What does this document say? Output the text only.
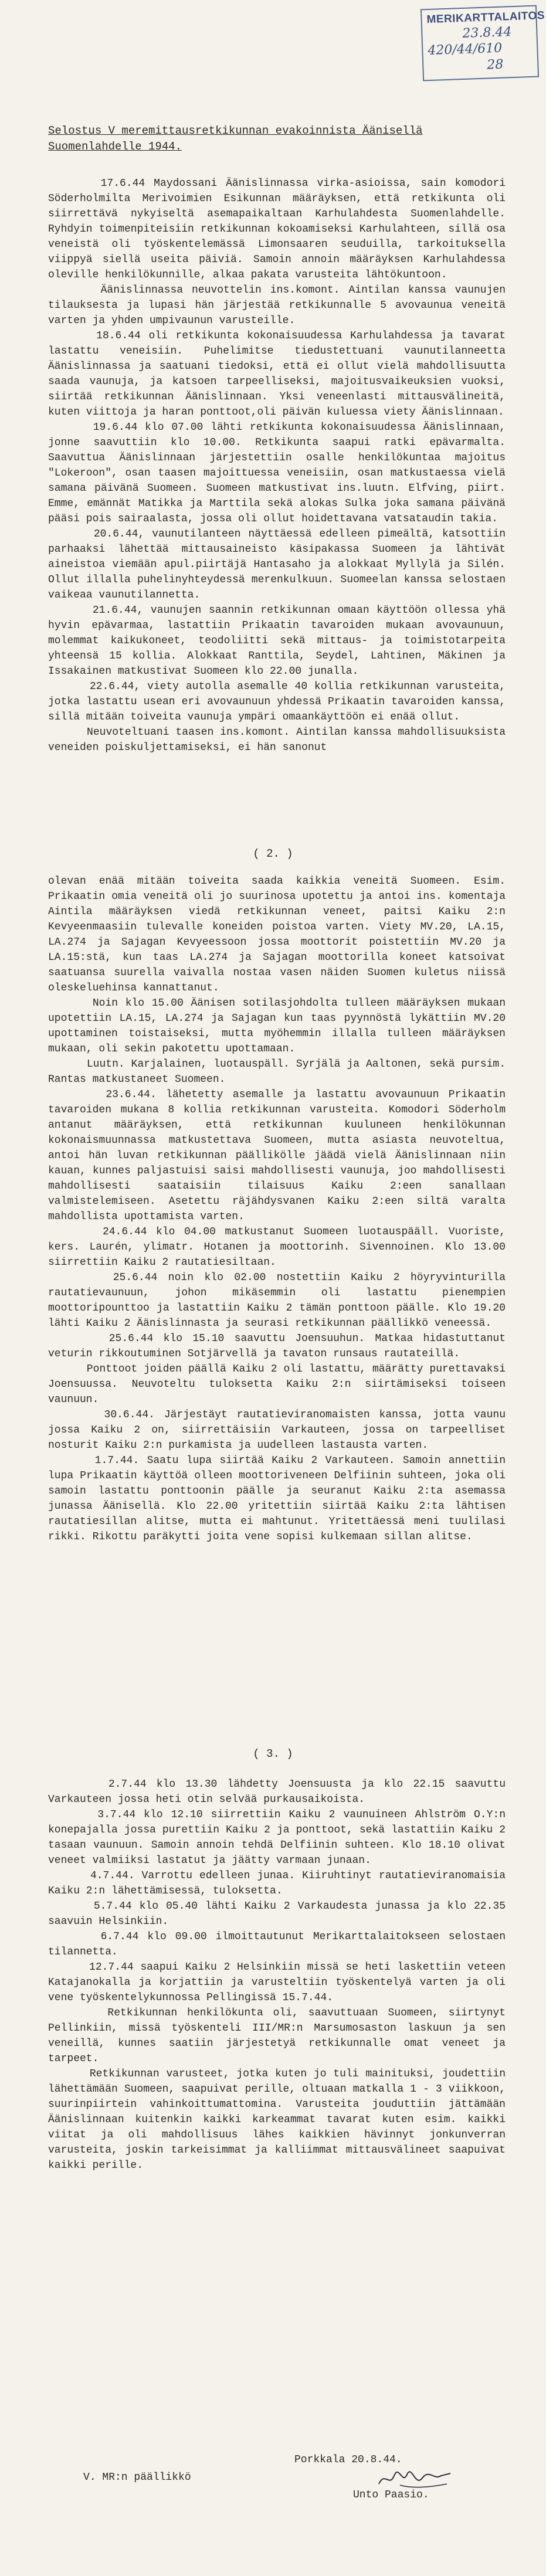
MERIKARTTALAITOS
23.8.44
420/44/610
28
Selostus V meremittausretkikunnan evakoinnista Äänisellä Suomenlahdelle 1944.
17.6.44 Maydossani Äänislinnassa virka-asioissa, sain komodori Söderholmilta Merivoimien Esikunnan määräyksen, että retkikunta oli siirrettävä nykyiseltä asemapaikaltaan Karhulahdesta Suomenlahdelle. Ryhdyin toimenpiteisiin retkikunnan kokoamiseksi Karhulahteen, sillä osa veneistä oli työskentelemässä Limonsaaren seuduilla, tarkoituksella viippyä siellä useita päiviä. Samoin annoin määräyksen Karhulahdessa oleville henkilökunnille, alkaa pakata varusteita lähtökuntoon.
Äänislinnassa neuvottelin ins.komont. Aintilan kanssa vaunujen tilauksesta ja lupasi hän järjestää retkikunnalle 5 avovaunua veneitä varten ja yhden umpivaunun varusteille.
18.6.44 oli retkikunta kokonaisuudessa Karhulahdessa ja tavarat lastattu veneisiin. Puhelimitse tiedustettuani vaunutilanneetta Äänislinnassa ja saatuani tiedoksi, että ei ollut vielä mahdollisuutta saada vaunuja, ja katsoen tarpeelliseksi, majoitusvaikeuksien vuoksi, siirtää retkikunnan Äänislinnaan. Yksi veneenlasti mittausvälineitä, kuten viittoja ja haran ponttoot,oli päivän kuluessa viety Äänislinnaan.
19.6.44 klo 07.00 lähti retkikunta kokonaisuudessa Äänislinnaan, jonne saavuttiin klo 10.00. Retkikunta saapui ratki epävarmalta. Saavuttua Äänislinnaan järjestettiin osalle henkilökuntaa majoitus "Lokeroon", osan taasen majoittuessa veneisiin, osan matkustaessa vielä samana päivänä Suomeen. Suomeen matkustivat ins.luutn. Elfving, piirt. Emme, emännät Matikka ja Marttila sekä alokas Sulka joka samana päivänä pääsi pois sairaalasta, jossa oli ollut hoidettavana vatsataudin takia.
20.6.44, vaunutilanteen näyttäessä edelleen pimeältä, katsottiin parhaaksi lähettää mittausaineisto käsipakassa Suomeen ja lähtivät aineistoa viemään apul.piirtäjä Hantasaho ja alokkaat Myllylä ja Silén. Ollut illalla puhelinyhteydessä merenkulkuun. Suomeelan kanssa selostaen vaikeaa vaunutilannetta.
21.6.44, vaunujen saannin retkikunnan omaan käyttöön ollessa yhä hyvin epävarmaa, lastattiin Prikaatin tavaroiden mukaan avovaunuun, molemmat kaikukoneet, teodoliitti sekä mittaus- ja toimistotarpeita yhteensä 15 kollia. Alokkaat Ranttila, Seydel, Lahtinen, Mäkinen ja Issakainen matkustivat Suomeen klo 22.00 junalla.
22.6.44, viety autolla asemalle 40 kollia retkikunnan varusteita, jotka lastattu usean eri avovaunuun yhdessä Prikaatin tavaroiden kanssa, sillä mitään toiveita vaunuja ympäri omaankäyttöön ei enää ollut.
Neuvoteltuani taasen ins.komont. Aintilan kanssa mahdollisuuksista veneiden poiskuljettamiseksi, ei hän sanonut
( 2. )
olevan enää mitään toiveita saada kaikkia veneitä Suomeen. Esim. Prikaatin omia veneitä oli jo suurinosa upotettu ja antoi ins. komentaja Aintila määräyksen viedä retkikunnan veneet, paitsi Kaiku 2:n Kevyeenmaasiin tulevalle koneiden poistoa varten. Viety MV.20, LA.15, LA.274 ja Sajagan Kevyeessoon jossa moottorit poistettiin MV.20 ja LA.15:stä, kun taas LA.274 ja Sajagan moottorilla koneet katsoivat saatuansa suurella vaivalla nostaa vasen näiden Suomen kuletus niissä oleskeluehinsa kannattanut.
Noin klo 15.00 Äänisen sotilasjohdolta tulleen määräyksen mukaan upotettiin LA.15, LA.274 ja Sajagan kun taas pyynnöstä lykättiin MV.20 upottaminen toistaiseksi, mutta myöhemmin illalla tulleen määräyksen mukaan, oli sekin pakotettu upottamaan.
Luutn. Karjalainen, luotauspäll. Syrjälä ja Aaltonen, sekä pursim. Rantas matkustaneet Suomeen.
23.6.44. lähetetty asemalle ja lastattu avovaunuun Prikaatin tavaroiden mukana 8 kollia retkikunnan varusteita. Komodori Söderholm antanut määräyksen, että retkikunnan kuuluneen henkilökunnan kokonaismuunnassa matkustettava Suomeen, mutta asiasta neuvoteltua, antoi hän luvan retkikunnan päällikölle jäädä vielä Äänislinnaan niin kauan, kunnes paljastuisi saisi mahdollisesti vaunuja, joo mahdollisesti mahdollisesti saataisiin tilaisuus Kaiku 2:een sanallaan valmistelemiseen. Asetettu räjähdysvanen Kaiku 2:een siltä varalta mahdollista upottamista varten.
24.6.44 klo 04.00 matkustanut Suomeen luotauspääll. Vuoriste, kers. Laurén, ylimatr. Hotanen ja moottorinh. Sivennoinen. Klo 13.00 siirrettiin Kaiku 2 rautatiesiltaan.
25.6.44 noin klo 02.00 nostettiin Kaiku 2 höyryvinturilla rautatievaunuun, johon mikäsemmin oli lastattu pienempien moottoripounttoo ja lastattiin Kaiku 2 tämän ponttoon päälle. Klo 19.20 lähti Kaiku 2 Äänislinnasta ja seurasi retkikunnan päällikkö veneessä.
25.6.44 klo 15.10 saavuttu Joensuuhun. Matkaa hidastuttanut veturin rikkoutuminen Sotjärvellä ja tavaton runsaus rautateillä.
Ponttoot joiden päällä Kaiku 2 oli lastattu, määrätty purettavaksi Joensuussa. Neuvoteltu tuloksetta Kaiku 2:n siirtämiseksi toiseen vaunuun.
30.6.44. Järjestäyt rautatieviranomaisten kanssa, jotta vaunu jossa Kaiku 2 on, siirrettäisiin Varkauteen, jossa on tarpeelliset nosturit Kaiku 2:n purkamista ja uudelleen lastausta varten.
1.7.44. Saatu lupa siirtää Kaiku 2 Varkauteen. Samoin annettiin lupa Prikaatin käyttöä olleen moottoriveneen Delfiinin suhteen, joka oli samoin lastattu ponttoonin päälle ja seuranut Kaiku 2:ta asemassa junassa Äänisellä. Klo 22.00 yritettiin siirtää Kaiku 2:ta lähtisen rautatiesillan alitse, mutta ei mahtunut. Yritettäessä meni tuulilasi rikki. Rikottu paräkytti joita vene sopisi kulkemaan sillan alitse.
( 3. )
2.7.44 klo 13.30 lähdetty Joensuusta ja klo 22.15 saavuttu Varkauteen jossa heti otin selvää purkausaikoista.
3.7.44 klo 12.10 siirrettiin Kaiku 2 vaunuineen Ahlström O.Y:n konepajalla jossa purettiin Kaiku 2 ja ponttoot, sekä lastattiin Kaiku 2 tasaan vaunuun. Samoin annoin tehdä Delfiinin suhteen. Klo 18.10 olivat veneet valmiiksi lastatut ja jäätty varmaan junaan.
4.7.44. Varrottu edelleen junaa. Kiiruhtinyt rautatieviranomaisia Kaiku 2:n lähettämisessä, tuloksetta.
5.7.44 klo 05.40 lähti Kaiku 2 Varkaudesta junassa ja klo 22.35 saavuin Helsinkiin.
6.7.44 klo 09.00 ilmoittautunut Merikarttalaitokseen selostaen tilannetta.
12.7.44 saapui Kaiku 2 Helsinkiin missä se heti laskettiin veteen Katajanokalla ja korjattiin ja varusteltiin työskentelyä varten ja oli vene työskentelykunnossa Pellingissä 15.7.44.
Retkikunnan henkilökunta oli, saavuttuaan Suomeen, siirtynyt Pellinkiin, missä työskenteli III/MR:n Marsumosaston laskuun ja sen veneillä, kunnes saatiin järjestetyä retkikunnalle omat veneet ja tarpeet.
Retkikunnan varusteet, jotka kuten jo tuli mainituksi, joudettiin lähettämään Suomeen, saapuivat perille, oltuaan matkalla 1 - 3 viikkoon, suurinpiirtein vahinkoittumattomina. Varusteita jouduttiin jättämään Äänislinnaan kuitenkin kaikki karkeammat tavarat kuten esim. kaikki viitat ja oli mahdollisuus lähes kaikkien hävinnyt jonkunverran varusteita, joskin tarkeisimmat ja kalliimmat mittausvälineet saapuivat kaikki perille.
Porkkala 20.8.44.
V. MR:n päällikkö
Unto Paasio.
